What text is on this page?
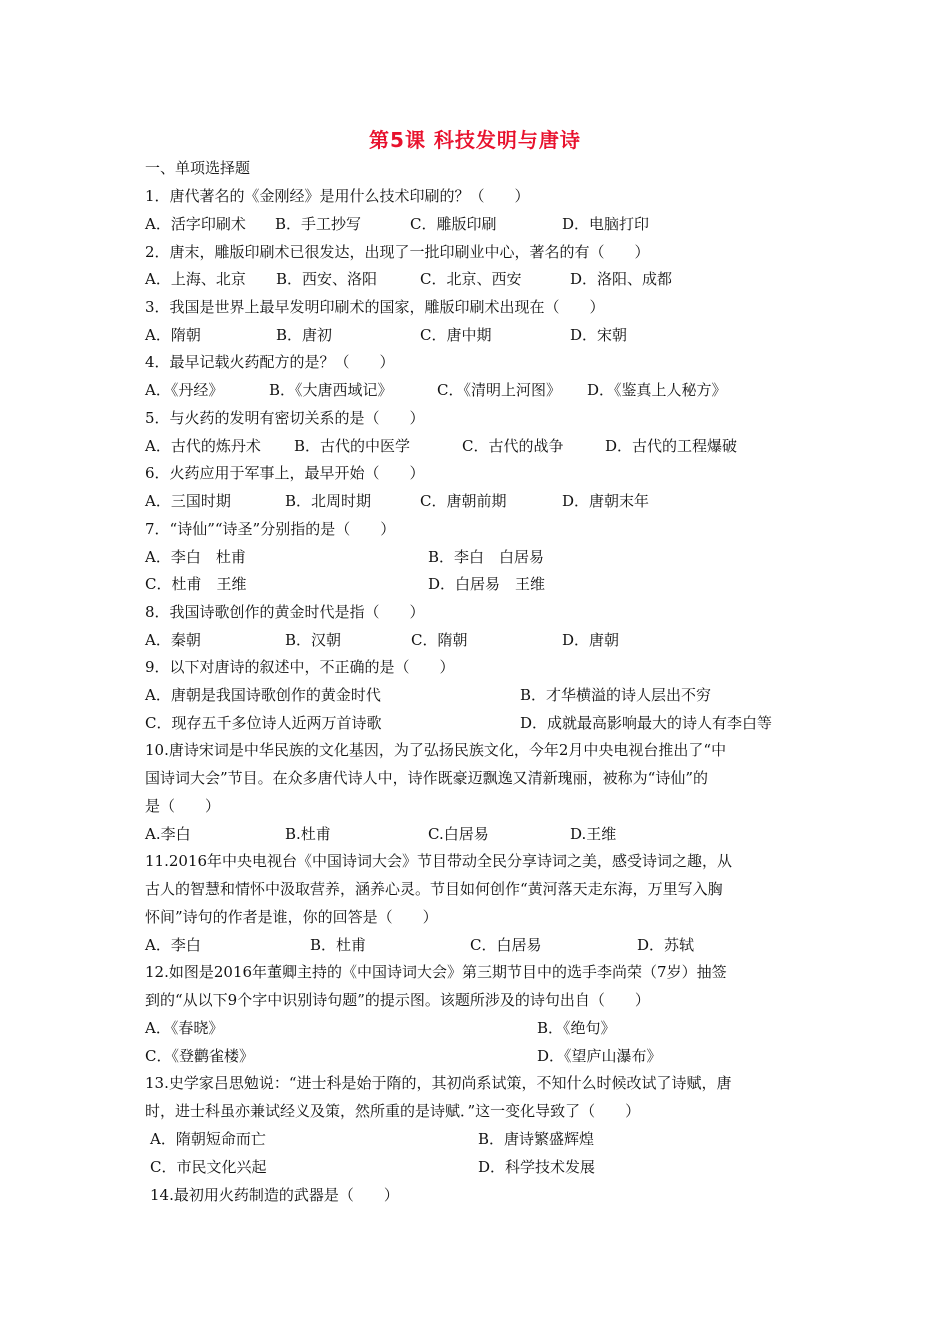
第5课 科技发明与唐诗
一、单项选择题
1．唐代著名的《金刚经》是用什么技术印刷的？（　　）
A．活字印刷术 B．手工抄写	C．雕版印刷	D．电脑打印
2．唐末，雕版印刷术已很发达，出现了一批印刷业中心，著名的有（　　）
A．上海、北京 B．西安、洛阳	C．北京、西安	D．洛阳、成都
3．我国是世界上最早发明印刷术的国家，雕版印刷术出现在（　　）
A．隋朝	B．唐初	C．唐中期	D．宋朝
4．最早记载火药配方的是？（　　）
A．《丹经》	B．《大唐西域记》	C．《清明上河图》 D．《鉴真上人秘方》
5．与火药的发明有密切关系的是（　　）
A．古代的炼丹术 B．古代的中医学	C．古代的战争	D．古代的工程爆破
6．火药应用于军事上，最早开始（　　）
A．三国时期	B．北周时期	C．唐朝前期	D．唐朝末年
7．“诗仙”“诗圣”分别指的是（　　）
A．李白　杜甫	B．李白　白居易
C．杜甫　王维	D．白居易　王维
8．我国诗歌创作的黄金时代是指（　　）
A．秦朝	B．汉朝	C．隋朝	D．唐朝
9．以下对唐诗的叙述中，不正确的是（　　）
A．唐朝是我国诗歌创作的黄金时代	B．才华横溢的诗人层出不穷
C．现存五千多位诗人近两万首诗歌	D．成就最高影响最大的诗人有李白等
10.唐诗宋词是中华民族的文化基因，为了弘扬民族文化，今年2月中央电视台推出了“中
国诗词大会”节目。在众多唐代诗人中，诗作既豪迈飘逸又清新瑰丽，被称为“诗仙”的
是（　　）
A.李白	B.杜甫	C.白居易	D.王维
11.2016年中央电视台《中国诗词大会》节目带动全民分享诗词之美，感受诗词之趣，从
古人的智慧和情怀中汲取营养，涵养心灵。节目如何创作“黄河落天走东海，万里写入胸
怀间”诗句的作者是谁，你的回答是（　　）
A．李白	B．杜甫	C．白居易	D．苏轼
12.如图是2016年董卿主持的《中国诗词大会》第三期节目中的选手李尚荣（7岁）抽签
到的“从以下9个字中识别诗句题”的提示图。该题所涉及的诗句出自（　　）
A．《春晓》	B．《绝句》
C．《登鹳雀楼》	D．《望庐山瀑布》
13.史学家吕思勉说：“进士科是始于隋的，其初尚系试策，不知什么时候改试了诗赋，唐
时，进士科虽亦兼试经义及策，然所重的是诗赋．”这一变化导致了（　　）
A．隋朝短命而亡	B．唐诗繁盛辉煌
C．市民文化兴起	D．科学技术发展
14.最初用火药制造的武器是（　　）
